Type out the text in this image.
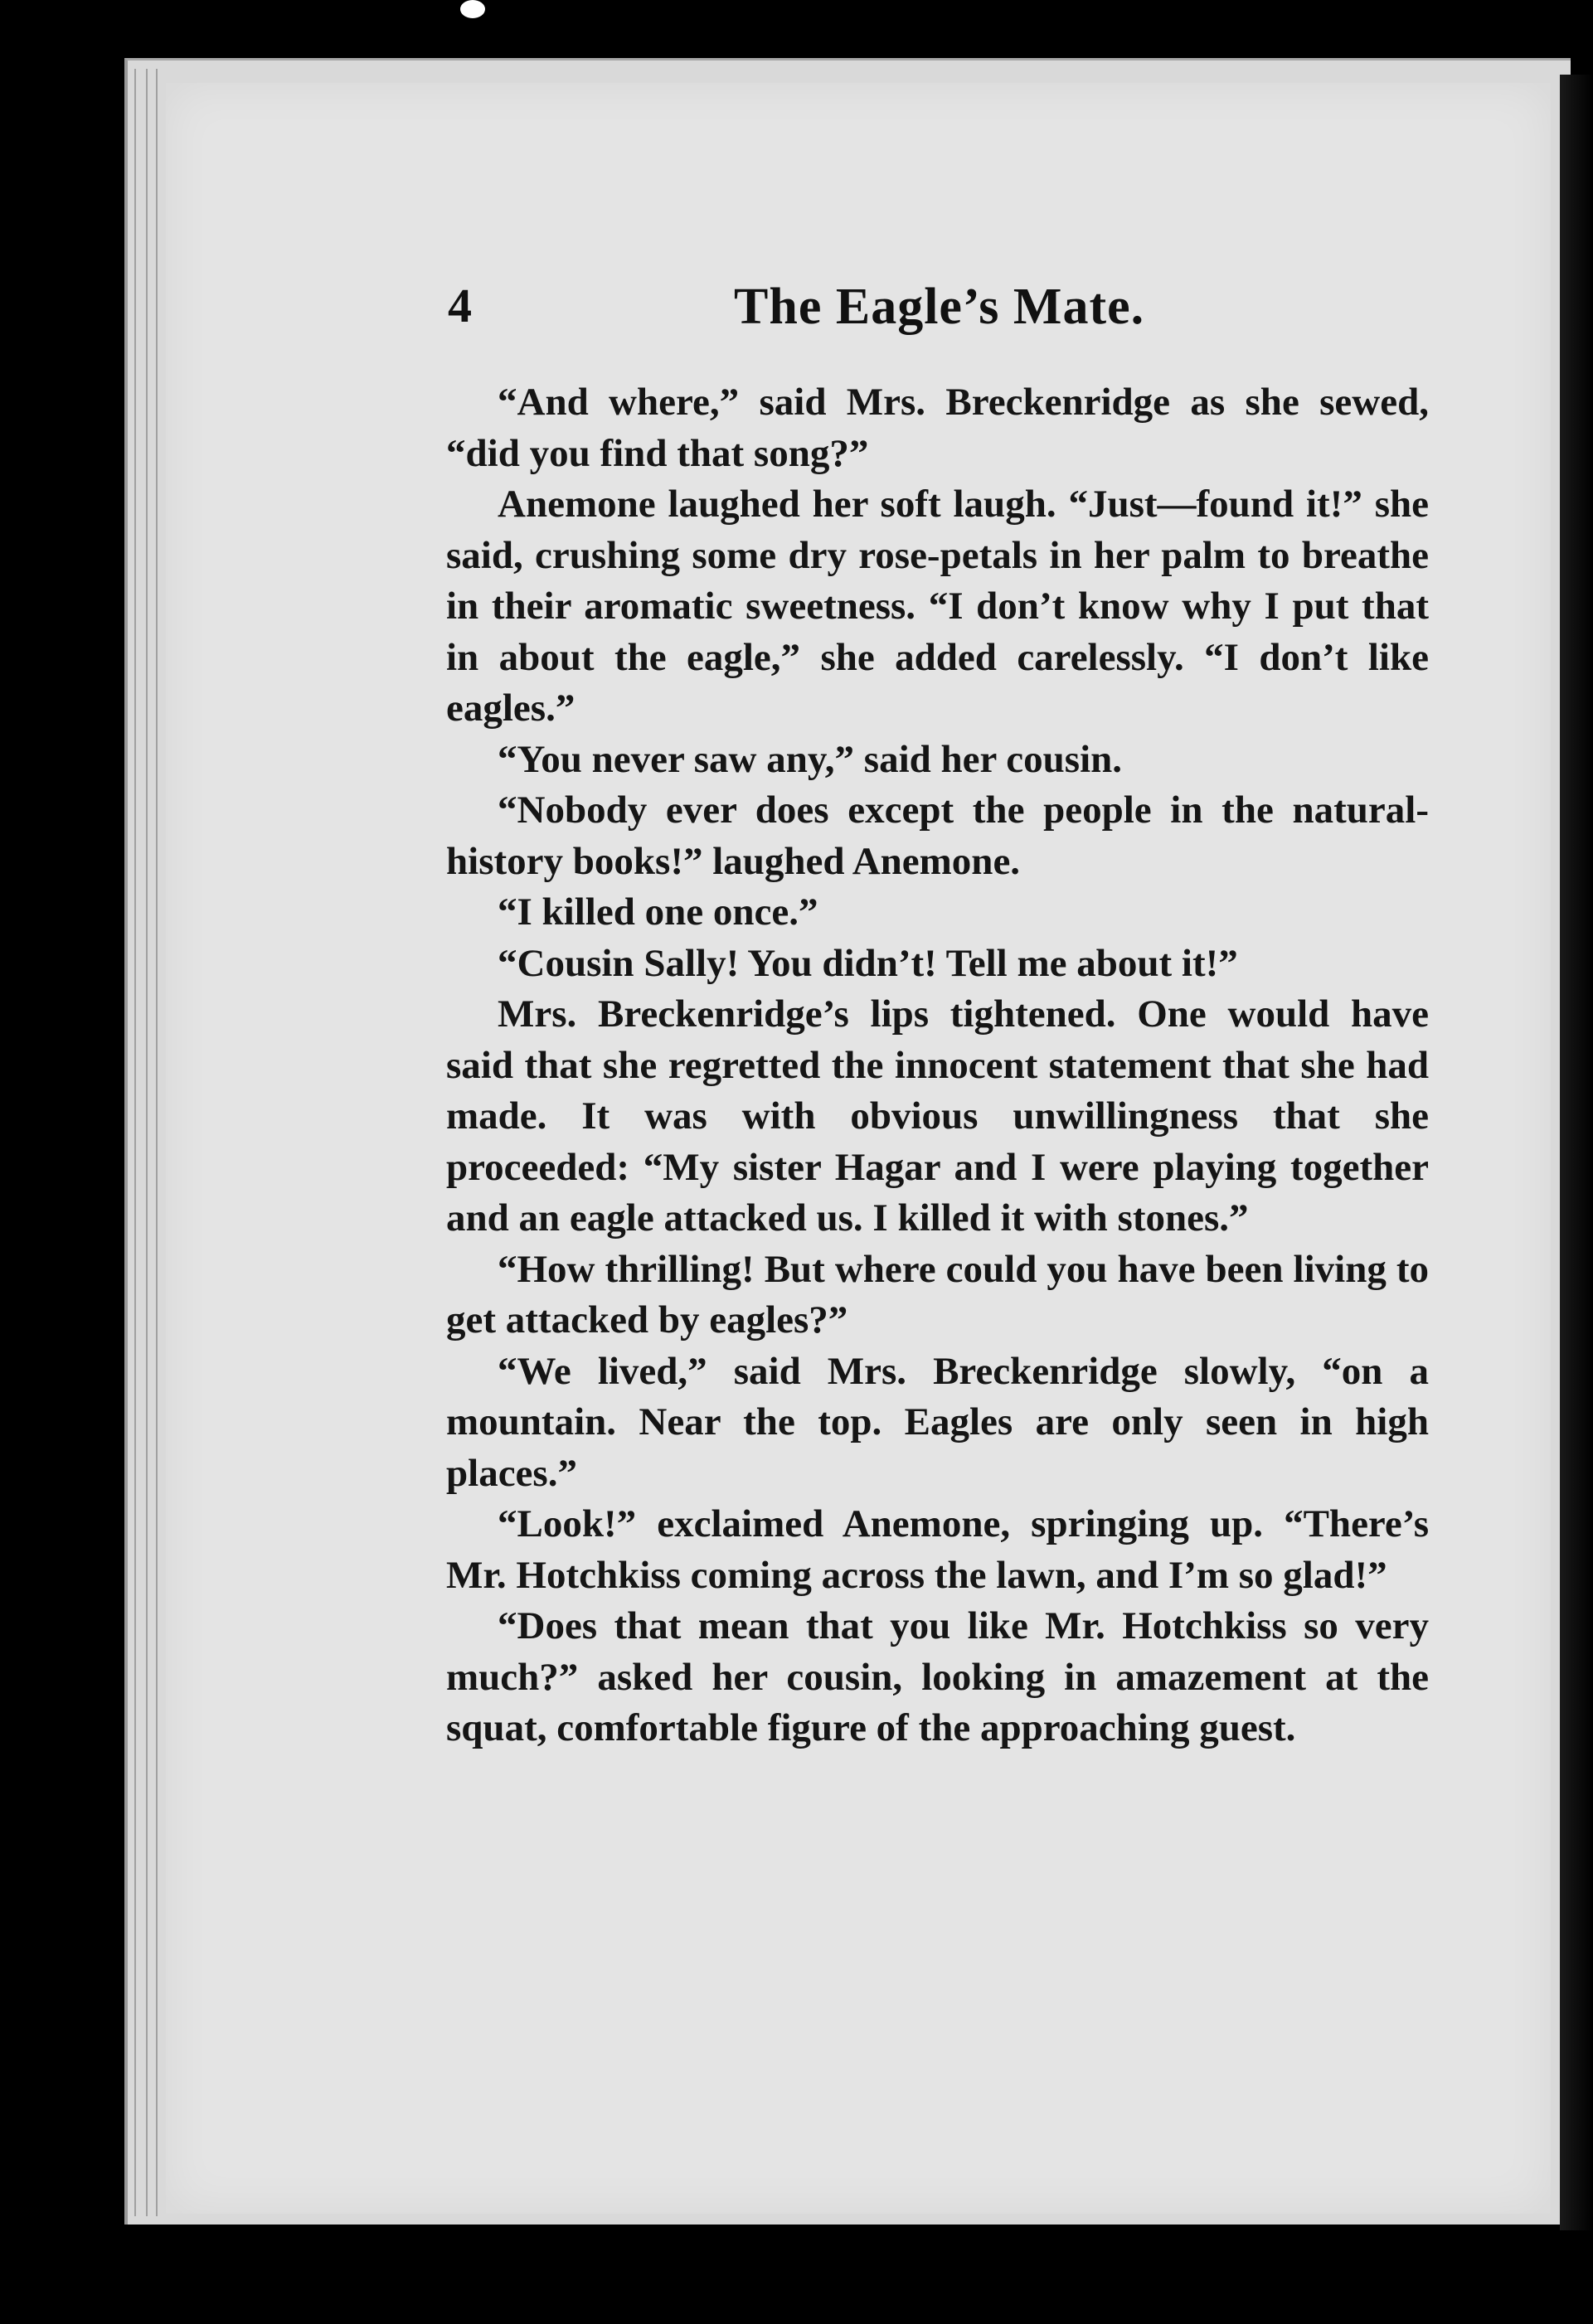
4	The Eagle’s Mate.

“And where,” said Mrs. Breckenridge as she sewed, “did you find that song?”

Anemone laughed her soft laugh. “Just—found it!” she said, crushing some dry rose-petals in her palm to breathe in their aromatic sweetness. “I don’t know why I put that in about the eagle,” she added carelessly. “I don’t like eagles.”

“You never saw any,” said her cousin.

“Nobody ever does except the people in the natural-history books!” laughed Anemone.

“I killed one once.”

“Cousin Sally! You didn’t! Tell me about it!”

Mrs. Breckenridge’s lips tightened. One would have said that she regretted the innocent statement that she had made. It was with obvious unwillingness that she proceeded: “My sister Hagar and I were playing together and an eagle attacked us. I killed it with stones.”

“How thrilling! But where could you have been living to get attacked by eagles?”

“We lived,” said Mrs. Breckenridge slowly, “on a mountain. Near the top. Eagles are only seen in high places.”

“Look!” exclaimed Anemone, springing up. “There’s Mr. Hotchkiss coming across the lawn, and I’m so glad!”

“Does that mean that you like Mr. Hotchkiss so very much?” asked her cousin, looking in amazement at the squat, comfortable figure of the approaching guest.
